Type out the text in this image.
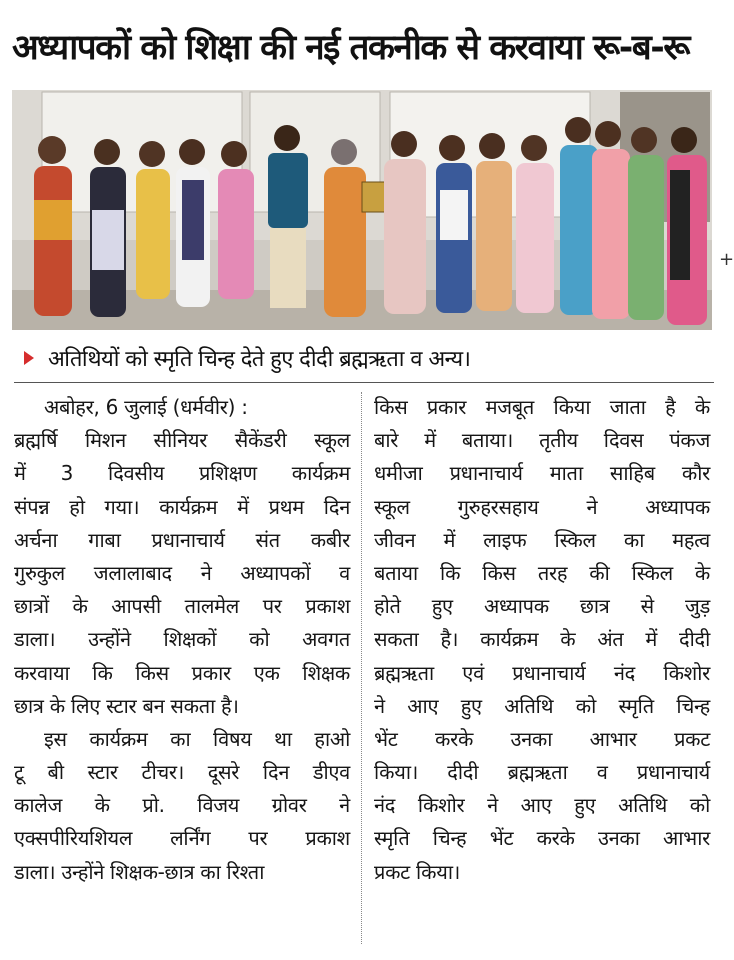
अध्यापकों को शिक्षा की नई तकनीक से करवाया रू-ब-रू
+
अतिथियों को स्मृति चिन्ह देते हुए दीदी ब्रह्मऋता व अन्य।
अबोहर, 6 जुलाई (धर्मवीर) :
ब्रह्मर्षि मिशन सीनियर सैकेंडरी स्कूल
में 3 दिवसीय प्रशिक्षण कार्यक्रम
संपन्न हो गया। कार्यक्रम में प्रथम दिन
अर्चना गाबा प्रधानाचार्य संत कबीर
गुरुकुल जलालाबाद ने अध्यापकों व
छात्रों के आपसी तालमेल पर प्रकाश
डाला। उन्होंने शिक्षकों को अवगत
करवाया कि किस प्रकार एक शिक्षक
छात्र के लिए स्टार बन सकता है।
इस कार्यक्रम का विषय था हाओ
टू बी स्टार टीचर। दूसरे दिन डीएव
कालेज के प्रो. विजय ग्रोवर ने
एक्सपीरियशियल लर्निंग पर प्रकाश
डाला। उन्होंने शिक्षक-छात्र का रिश्ता
किस प्रकार मजबूत किया जाता है के
बारे में बताया। तृतीय दिवस पंकज
धमीजा प्रधानाचार्य माता साहिब कौर
स्कूल गुरुहरसहाय ने अध्यापक
जीवन में लाइफ स्किल का महत्व
बताया कि किस तरह की स्किल के
होते हुए अध्यापक छात्र से जुड़
सकता है। कार्यक्रम के अंत में दीदी
ब्रह्मऋता एवं प्रधानाचार्य नंद किशोर
ने आए हुए अतिथि को स्मृति चिन्ह
भेंट करके उनका आभार प्रकट
किया। दीदी ब्रह्मऋता व प्रधानाचार्य
नंद किशोर ने आए हुए अतिथि को
स्मृति चिन्ह भेंट करके उनका आभार
प्रकट किया।
